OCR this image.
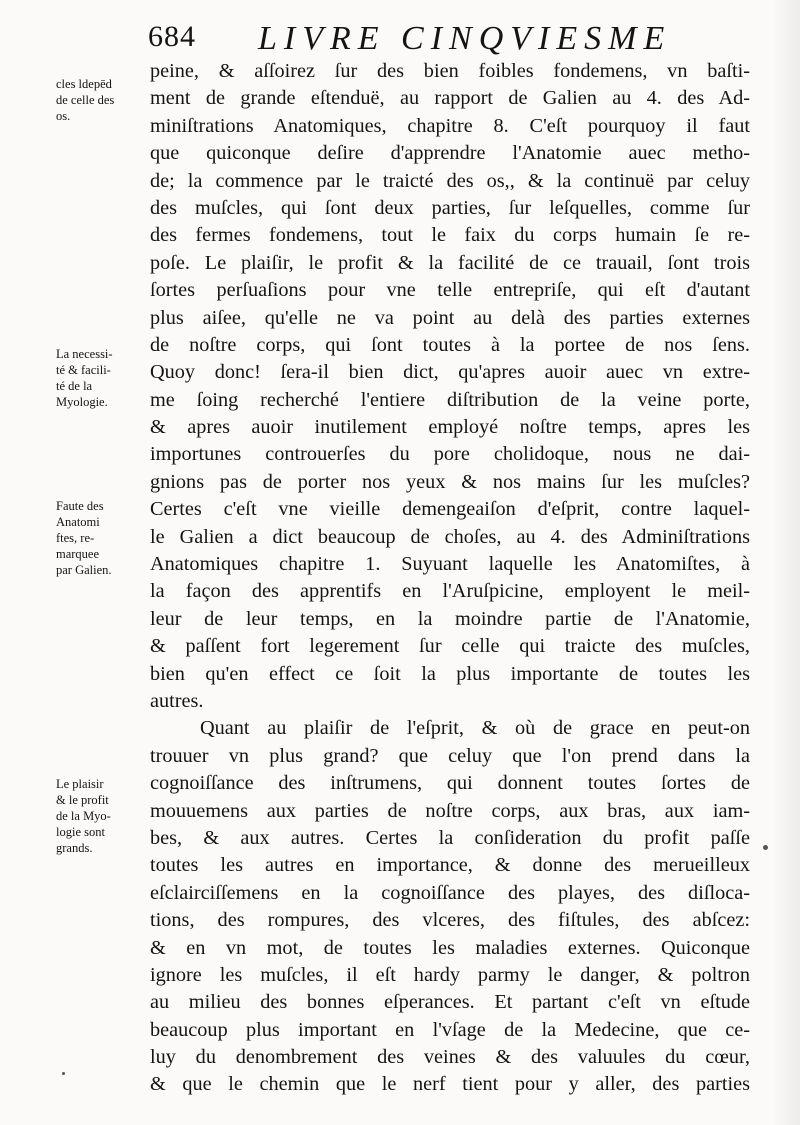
684 LIVRE CINQVIESME
cles ldepēd
de celle des
os.
La necessi-
té & facili-
té de la
Myologie.
Faute des
Anatomi
ftes, re-
marquee
par Galien.
Le plaisir
& le profit
de la Myo-
logie sont
grands.
peine, & aſſoirez ſur des bien foibles fondemens, vn baſti-
ment de grande eſtenduë, au rapport de Galien au 4. des Ad-
miniſtrations Anatomiques, chapitre 8. C'eſt pourquoy il faut
que quiconque deſire d'apprendre l'Anatomie auec metho-
de; la commence par le traicté des os,, & la continuë par celuy
des muſcles, qui ſont deux parties, ſur leſquelles, comme ſur
des fermes fondemens, tout le faix du corps humain ſe re-
poſe. Le plaiſir, le profit & la facilité de ce trauail, ſont trois
ſortes perſuaſions pour vne telle entrepriſe, qui eſt d'autant
plus aiſee, qu'elle ne va point au delà des parties externes
de noſtre corps, qui ſont toutes à la portee de nos ſens.
Quoy donc! ſera-il bien dict, qu'apres auoir auec vn extre-
me ſoing recherché l'entiere diſtribution de la veine porte,
& apres auoir inutilement employé noſtre temps, apres les
importunes controuerſes du pore cholidoque, nous ne dai-
gnions pas de porter nos yeux & nos mains ſur les muſcles?
Certes c'eſt vne vieille demengeaiſon d'eſprit, contre laquel-
le Galien a dict beaucoup de choſes, au 4. des Adminiſtrations
Anatomiques chapitre 1. Suyuant laquelle les Anatomiſtes, à
la façon des apprentifs en l'Aruſpicine, employent le meil-
leur de leur temps, en la moindre partie de l'Anatomie,
& paſſent fort legerement ſur celle qui traicte des muſcles,
bien qu'en effect ce ſoit la plus importante de toutes les
autres.
Quant au plaiſir de l'eſprit, & où de grace en peut-on
trouuer vn plus grand? que celuy que l'on prend dans la
cognoiſſance des inſtrumens, qui donnent toutes ſortes de
mouuemens aux parties de noſtre corps, aux bras, aux iam-
bes, & aux autres. Certes la conſideration du profit paſſe
toutes les autres en importance, & donne des merueilleux
eſclairciſſemens en la cognoiſſance des playes, des diſloca-
tions, des rompures, des vlceres, des fiſtules, des abſcez:
& en vn mot, de toutes les maladies externes. Quiconque
ignore les muſcles, il eſt hardy parmy le danger, & poltron
au milieu des bonnes eſperances. Et partant c'eſt vn eſtude
beaucoup plus important en l'vſage de la Medecine, que ce-
luy du denombrement des veines & des valuules du cœur,
& que le chemin que le nerf tient pour y aller, des parties
